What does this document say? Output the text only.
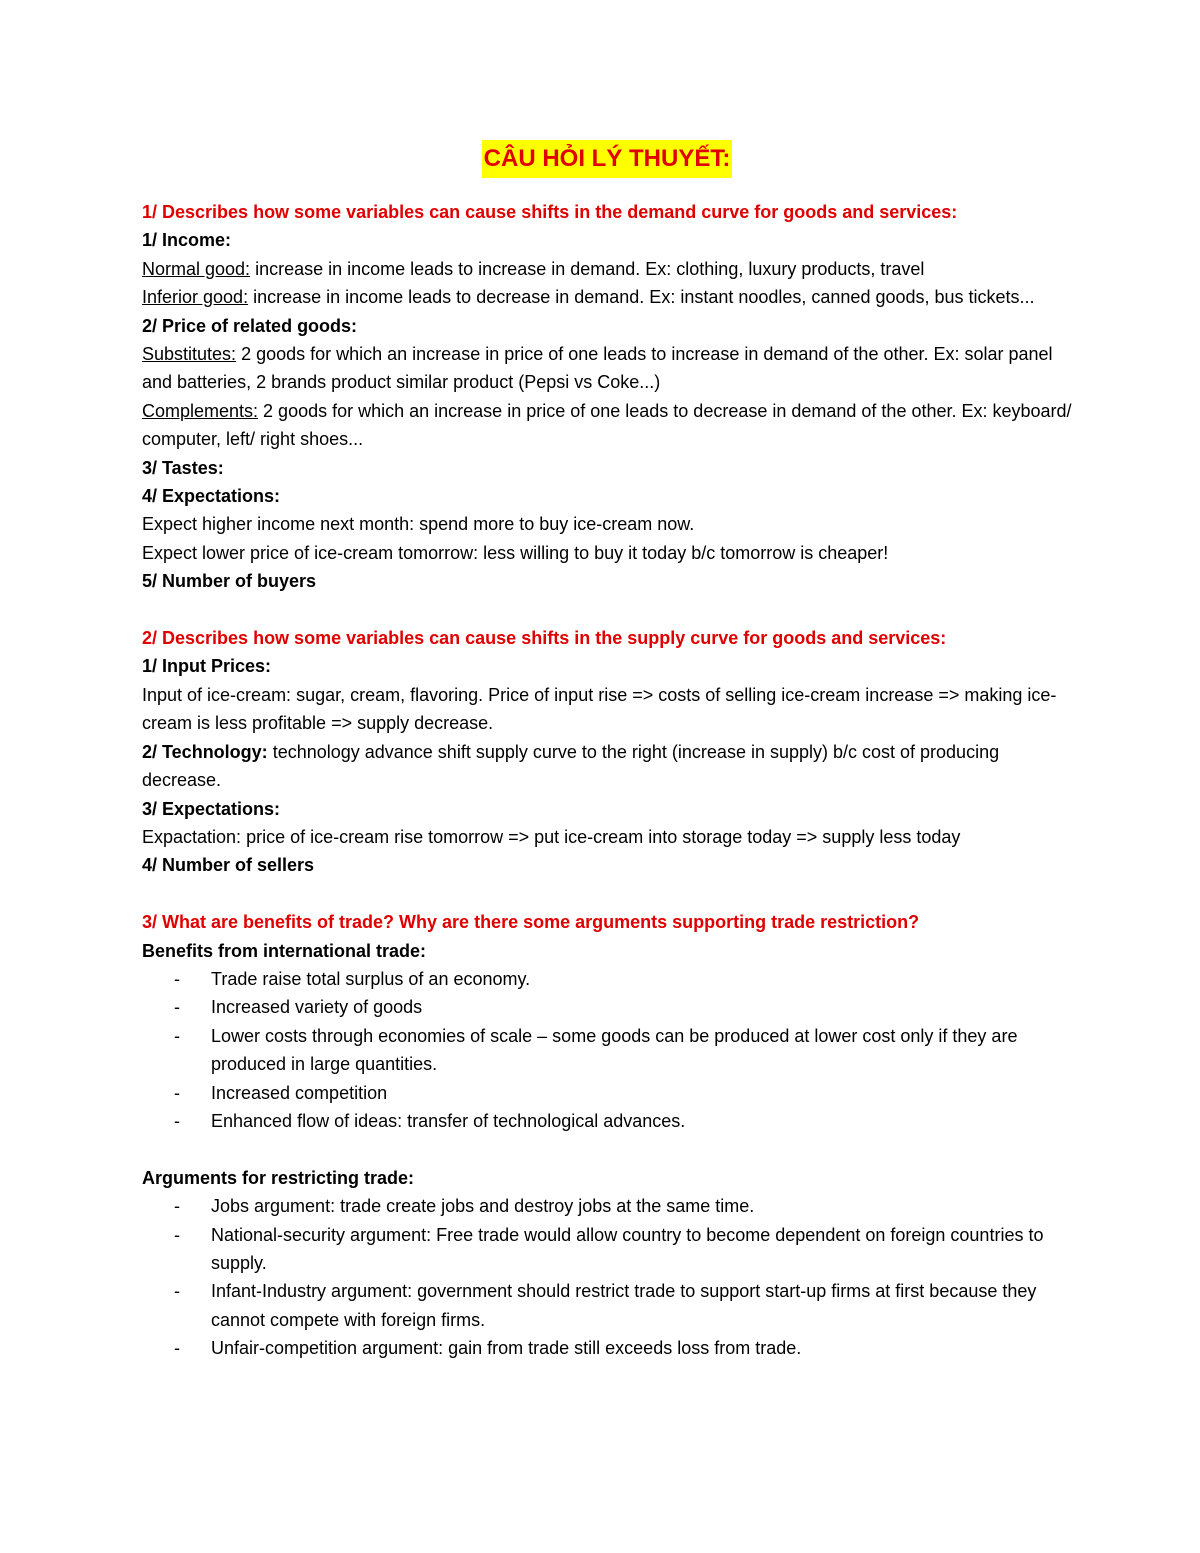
CÂU HỎI LÝ THUYẾT:

1/ Describes how some variables can cause shifts in the demand curve for goods and services:

1/ Income:

Normal good: increase in income leads to increase in demand. Ex: clothing, luxury products, travel

Inferior good: increase in income leads to decrease in demand. Ex: instant noodles, canned goods, bus tickets...

2/ Price of related goods:

Substitutes: 2 goods for which an increase in price of one leads to increase in demand of the other. Ex: solar panel and batteries, 2 brands product similar product (Pepsi vs Coke...)

Complements: 2 goods for which an increase in price of one leads to decrease in demand of the other. Ex: keyboard/ computer, left/ right shoes...

3/ Tastes:

4/ Expectations:

Expect higher income next month: spend more to buy ice-cream now.

Expect lower price of ice-cream tomorrow: less willing to buy it today b/c tomorrow is cheaper!

5/ Number of buyers

2/ Describes how some variables can cause shifts in the supply curve for goods and services:

1/ Input Prices:

Input of ice-cream: sugar, cream, flavoring. Price of input rise => costs of selling ice-cream increase => making ice-cream is less profitable => supply decrease.

2/ Technology: technology advance shift supply curve to the right (increase in supply) b/c cost of producing decrease.

3/ Expectations:

Expactation: price of ice-cream rise tomorrow => put ice-cream into storage today => supply less today

4/ Number of sellers

3/ What are benefits of trade? Why are there some arguments supporting trade restriction?

Benefits from international trade:

- Trade raise total surplus of an economy.
- Increased variety of goods
- Lower costs through economies of scale – some goods can be produced at lower cost only if they are produced in large quantities.
- Increased competition
- Enhanced flow of ideas: transfer of technological advances.

Arguments for restricting trade:

- Jobs argument: trade create jobs and destroy jobs at the same time.
- National-security argument: Free trade would allow country to become dependent on foreign countries to supply.
- Infant-Industry argument: government should restrict trade to support start-up firms at first because they cannot compete with foreign firms.
- Unfair-competition argument: gain from trade still exceeds loss from trade.
